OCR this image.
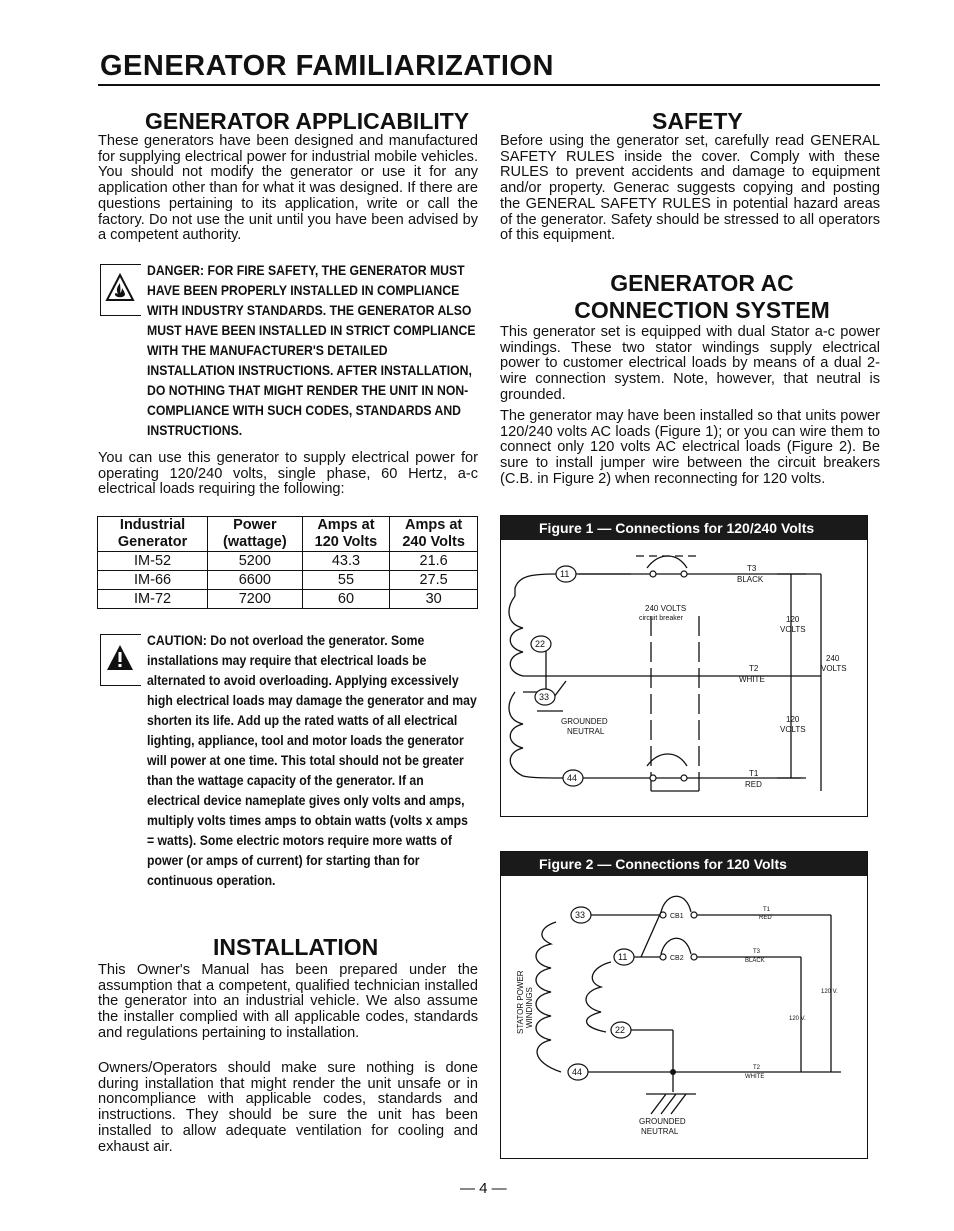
GENERATOR FAMILIARIZATION
GENERATOR APPLICABILITY

These generators have been designed and manufactured for supplying electrical power for industrial mobile vehicles. You should not modify the generator or use it for any application other than for what it was designed. If there are questions pertaining to its application, write or call the factory. Do not use the unit until you have been advised by a competent authority.

DANGER: FOR FIRE SAFETY, THE GENERATOR MUST HAVE BEEN PROPERLY INSTALLED IN COMPLIANCE WITH INDUSTRY STANDARDS. THE GENERATOR ALSO MUST HAVE BEEN INSTALLED IN STRICT COMPLIANCE WITH THE MANUFACTURER'S DETAILED INSTALLATION INSTRUCTIONS. AFTER INSTALLATION, DO NOTHING THAT MIGHT RENDER THE UNIT IN NON-COMPLIANCE WITH SUCH CODES, STANDARDS AND INSTRUCTIONS.

You can use this generator to supply electrical power for operating 120/240 volts, single phase, 60 Hertz, a-c electrical loads requiring the following:

Industrial Generator	Power (wattage)	Amps at 120 Volts	Amps at 240 Volts
IM-52	5200	43.3	21.6
IM-66	6600	55	27.5
IM-72	7200	60	30

CAUTION: Do not overload the generator. Some installations may require that electrical loads be alternated to avoid overloading. Applying excessively high electrical loads may damage the generator and may shorten its life. Add up the rated watts of all electrical lighting, appliance, tool and motor loads the generator will power at one time. This total should not be greater than the wattage capacity of the generator. If an electrical device nameplate gives only volts and amps, multiply volts times amps to obtain watts (volts x amps = watts). Some electric motors require more watts of power (or amps of current) for starting than for continuous operation.

INSTALLATION

This Owner's Manual has been prepared under the assumption that a competent, qualified technician installed the generator into an industrial vehicle. We also assume the installer complied with all applicable codes, standards and regulations pertaining to installation.

Owners/Operators should make sure nothing is done during installation that might render the unit unsafe or in noncompliance with applicable codes, standards and instructions. They should be sure the unit has been installed to allow adequate ventilation for cooling and exhaust air.

SAFETY

Before using the generator set, carefully read GENERAL SAFETY RULES inside the cover. Comply with these RULES to prevent accidents and damage to equipment and/or property. Generac suggests copying and posting the GENERAL SAFETY RULES in potential hazard areas of the generator. Safety should be stressed to all operators of this equipment.

GENERATOR AC CONNECTION SYSTEM

This generator set is equipped with dual Stator a-c power windings. These two stator windings supply electrical power to customer electrical loads by means of a dual 2-wire connection system. Note, however, that neutral is grounded.

The generator may have been installed so that units power 120/240 volts AC loads (Figure 1); or you can wire them to connect only 120 volts AC electrical loads (Figure 2). Be sure to install jumper wire between the circuit breakers (C.B. in Figure 2) when reconnecting for 120 volts.

Figure 1 — Connections for 120/240 Volts
11
22
33
44
T3
BLACK
T2
WHITE
T1
RED
240 VOLTS
circuit breaker
GROUNDED
NEUTRAL
120
VOLTS
120
VOLTS
240
VOLTS
Figure 2 — Connections for 120 Volts
33
11
22
44
CB1
CB2
T1
RED
T3
BLACK
T2
WHITE
120 V.
120 V.
GROUNDED
NEUTRAL
STATOR POWER WINDINGS
— 4 —
